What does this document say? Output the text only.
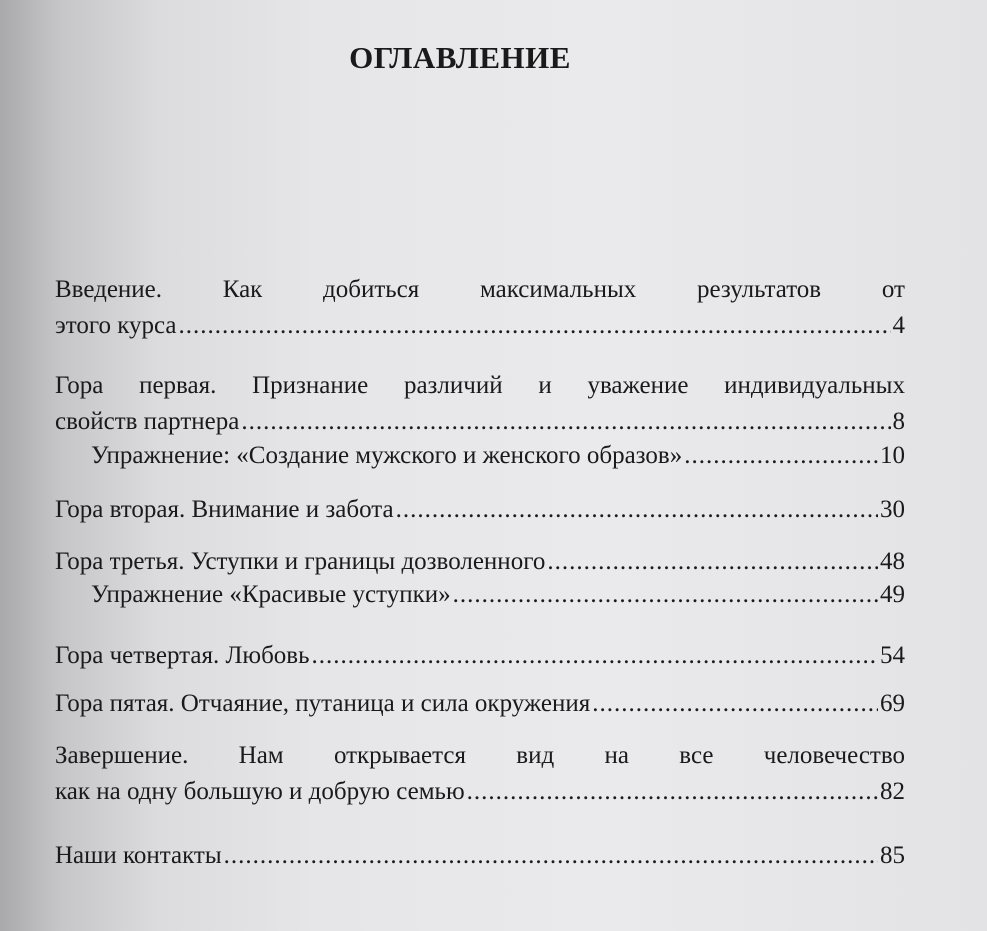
ОГЛАВЛЕНИЕ
Введение. Как добиться максимальных результатов от
этого курса .....	4
Гора первая. Признание различий и уважение индивидуальных
свойств партнера .....	8
Упражнение: «Создание мужского и женского образов» .....	10
Гора вторая. Внимание и забота .....	30
Гора третья. Уступки и границы дозволенного .....	48
Упражнение «Красивые уступки» .....	49
Гора четвертая. Любовь .....	54
Гора пятая. Отчаяние, путаница и сила окружения .....	69
Завершение. Нам открывается вид на все человечество
как на одну большую и добрую семью .....	82
Наши контакты .....	85
